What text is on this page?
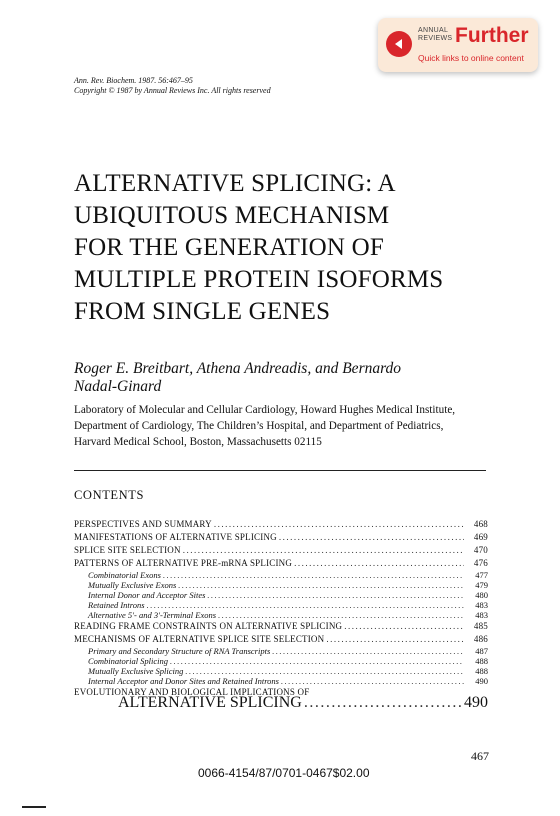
ANNUAL
REVIEWS Further
Quick links to online content
Ann. Rev. Biochem. 1987. 56:467–95
Copyright © 1987 by Annual Reviews Inc. All rights reserved
ALTERNATIVE SPLICING: A
UBIQUITOUS MECHANISM
FOR THE GENERATION OF
MULTIPLE PROTEIN ISOFORMS
FROM SINGLE GENES
Roger E. Breitbart, Athena Andreadis, and Bernardo
Nadal-Ginard
Laboratory of Molecular and Cellular Cardiology, Howard Hughes Medical Institute,
Department of Cardiology, The Children’s Hospital, and Department of Pediatrics,
Harvard Medical School, Boston, Massachusetts 02115
CONTENTS
PERSPECTIVES AND SUMMARY .....	468
MANIFESTATIONS OF ALTERNATIVE SPLICING .....	469
SPLICE SITE SELECTION .....	470
PATTERNS OF ALTERNATIVE PRE-mRNA SPLICING .....	476
Combinatorial Exons .....	477
Mutually Exclusive Exons .....	479
Internal Donor and Acceptor Sites .....	480
Retained Introns .....	483
Alternative 5′- and 3′-Terminal Exons .....	483
READING FRAME CONSTRAINTS ON ALTERNATIVE SPLICING .....	485
MECHANISMS OF ALTERNATIVE SPLICE SITE SELECTION .....	486
Primary and Secondary Structure of RNA Transcripts .....	487
Combinatorial Splicing .....	488
Mutually Exclusive Splicing .....	488
Internal Acceptor and Donor Sites and Retained Introns .....	490
EVOLUTIONARY AND BIOLOGICAL IMPLICATIONS OF
ALTERNATIVE SPLICING .....	490
467
0066-4154/87/0701-0467$02.00
